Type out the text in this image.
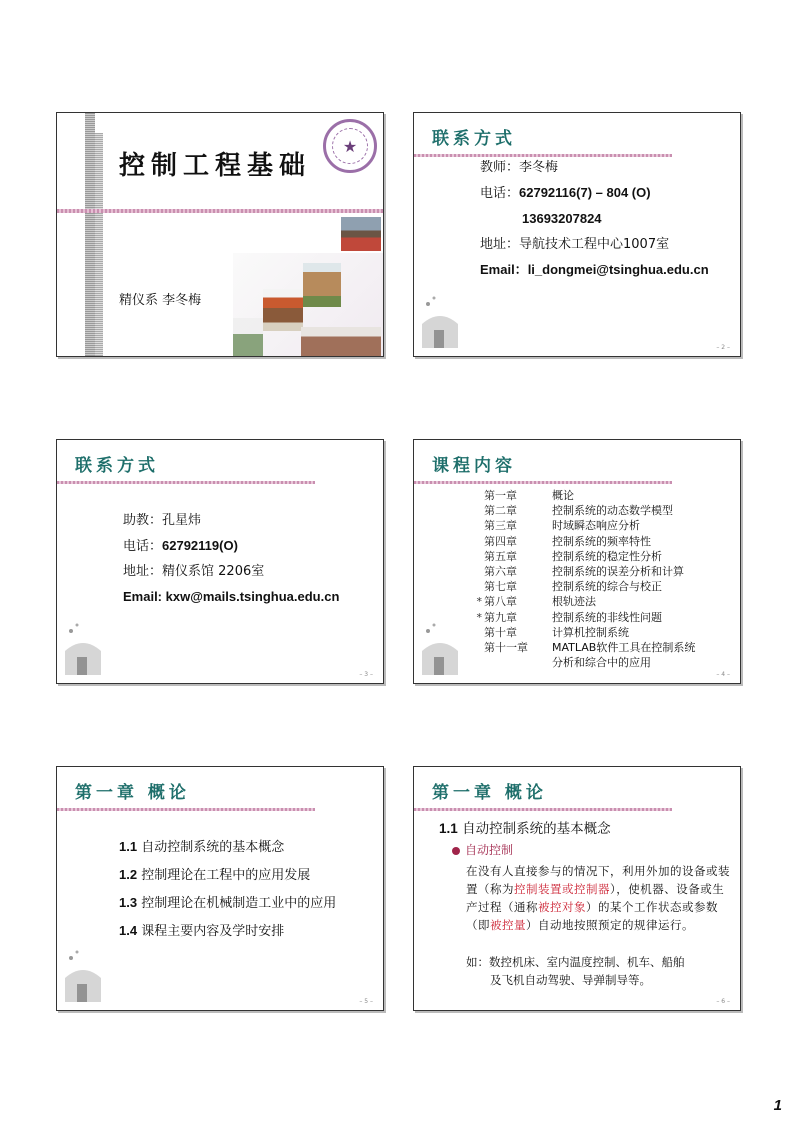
控制工程基础
★
精仪系 李冬梅
联系方式
教师：李冬梅
电话：62792116(7) – 804 (O)
13693207824
地址：导航技术工程中心1007室
Email：li_dongmei@tsinghua.edu.cn
– 2 –
联系方式
助教：孔星炜
电话：62792119(O)
地址：精仪系馆 2206室
Email: kxw@mails.tsinghua.edu.cn
– 3 –
课程内容
第一章	概论
第二章	控制系统的动态数学模型
第三章	时域瞬态响应分析
第四章	控制系统的频率特性
第五章	控制系统的稳定性分析
第六章	控制系统的误差分析和计算
第七章	控制系统的综合与校正
* 第八章	根轨迹法
* 第九章	控制系统的非线性问题
第十章	计算机控制系统
第十一章	MATLAB软件工具在控制系统
分析和综合中的应用
– 4 –
第一章 概论
1.1 自动控制系统的基本概念
1.2 控制理论在工程中的应用发展
1.3 控制理论在机械制造工业中的应用
1.4 课程主要内容及学时安排
– 5 –
第一章 概论
1.1 自动控制系统的基本概念
自动控制
在没有人直接参与的情况下，利用外加的设备或装置（称为控制装置或控制器），使机器、设备或生产过程（通称被控对象）的某个工作状态或参数（即被控量）自动地按照预定的规律运行。
如：数控机床、室内温度控制、机车、船舶
及飞机自动驾驶、导弹制导等。
– 6 –
1
